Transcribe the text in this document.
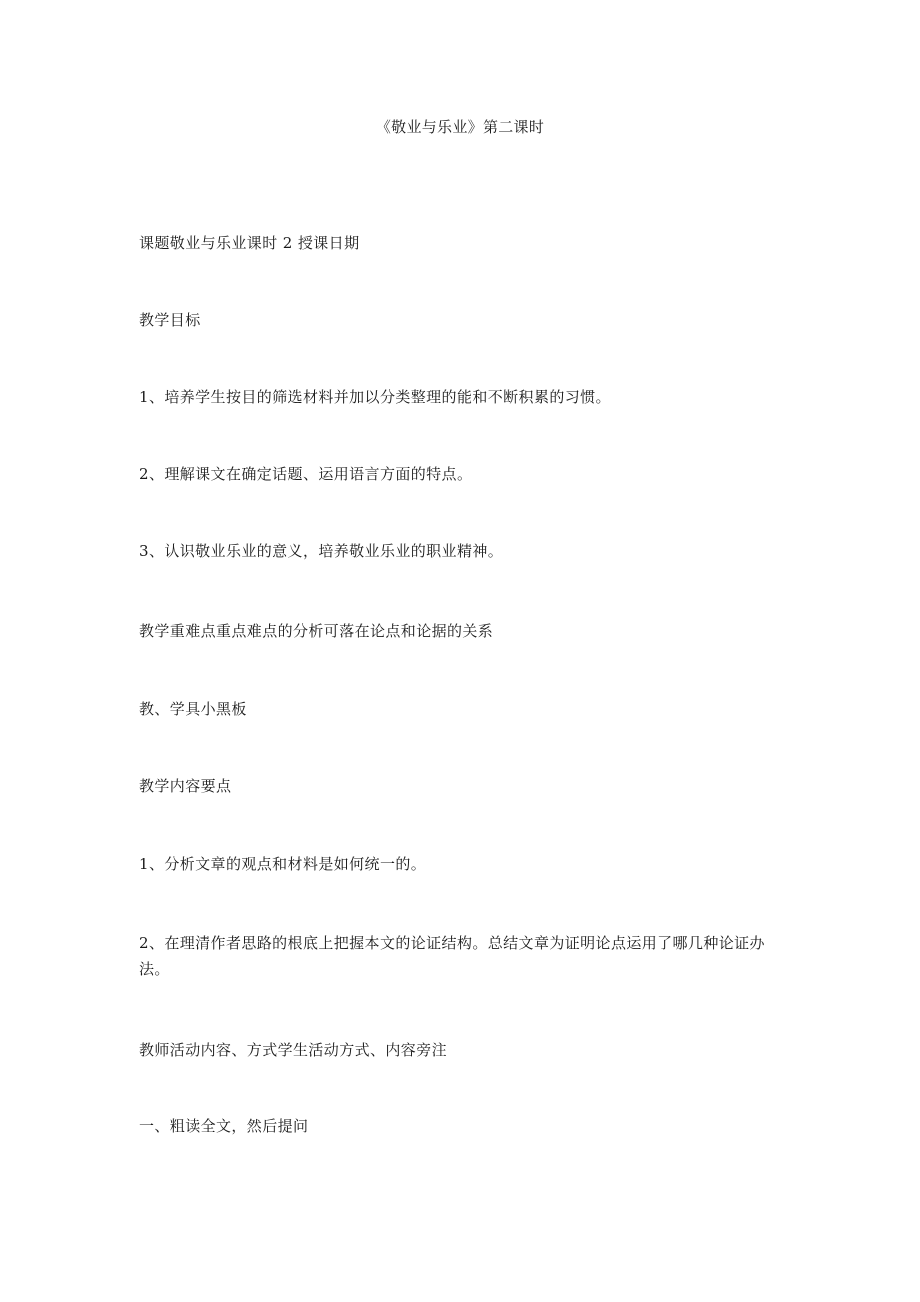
《敬业与乐业》第二课时

课题敬业与乐业课时 2 授课日期

教学目标

1、培养学生按目的筛选材料并加以分类整理的能和不断积累的习惯。

2、理解课文在确定话题、运用语言方面的特点。

3、认识敬业乐业的意义，培养敬业乐业的职业精神。

教学重难点重点难点的分析可落在论点和论据的关系

教、学具小黑板

教学内容要点

1、分析文章的观点和材料是如何统一的。

2、在理清作者思路的根底上把握本文的论证结构。总结文章为证明论点运用了哪几种论证办法。

教师活动内容、方式学生活动方式、内容旁注

一、粗读全文，然后提问
